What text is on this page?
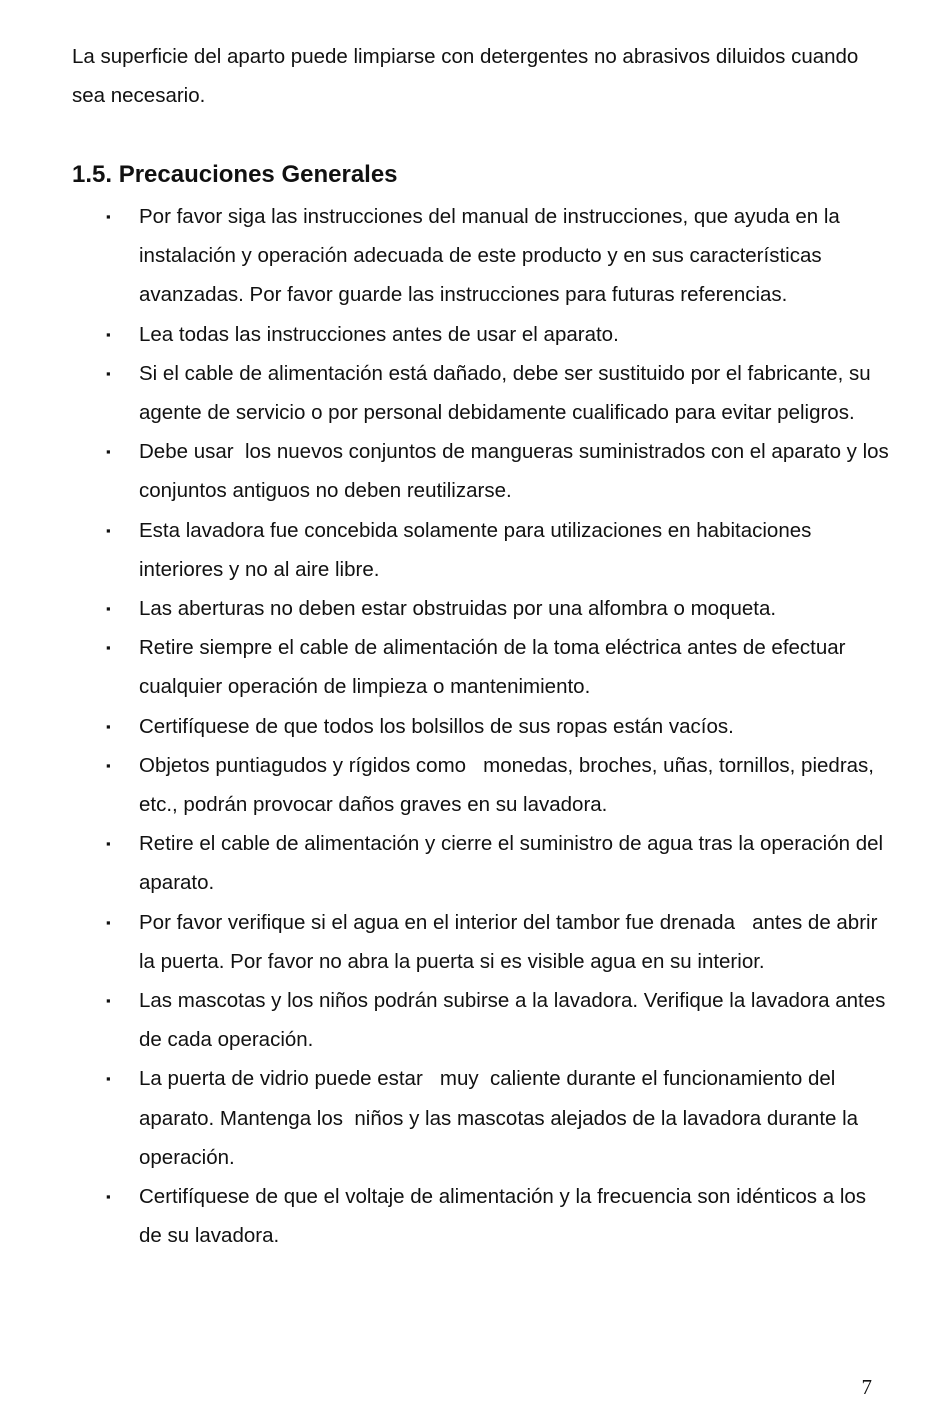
La superficie del aparto puede limpiarse con detergentes no abrasivos diluidos cuando sea necesario.

1.5. Precauciones Generales
▪	Por favor siga las instrucciones del manual de instrucciones, que ayuda en la instalación y operación adecuada de este producto y en sus características avanzadas. Por favor guarde las instrucciones para futuras referencias.
▪	Lea todas las instrucciones antes de usar el aparato.
▪	Si el cable de alimentación está dañado, debe ser sustituido por el fabricante, su agente de servicio o por personal debidamente cualificado para evitar peligros.
▪	Debe usar  los nuevos conjuntos de mangueras suministrados con el aparato y los conjuntos antiguos no deben reutilizarse.
▪	Esta lavadora fue concebida solamente para utilizaciones en habitaciones interiores y no al aire libre.
▪	Las aberturas no deben estar obstruidas por una alfombra o moqueta.
▪	Retire siempre el cable de alimentación de la toma eléctrica antes de efectuar cualquier operación de limpieza o mantenimiento.
▪	Certifíquese de que todos los bolsillos de sus ropas están vacíos.
▪	Objetos puntiagudos y rígidos como   monedas, broches, uñas, tornillos, piedras, etc., podrán provocar daños graves en su lavadora.
▪	Retire el cable de alimentación y cierre el suministro de agua tras la operación del aparato.
▪	Por favor verifique si el agua en el interior del tambor fue drenada   antes de abrir la puerta. Por favor no abra la puerta si es visible agua en su interior.
▪	Las mascotas y los niños podrán subirse a la lavadora. Verifique la lavadora antes de cada operación.
▪	La puerta de vidrio puede estar   muy  caliente durante el funcionamiento del aparato. Mantenga los  niños y las mascotas alejados de la lavadora durante la operación.
▪	Certifíquese de que el voltaje de alimentación y la frecuencia son idénticos a los de su lavadora.

7
